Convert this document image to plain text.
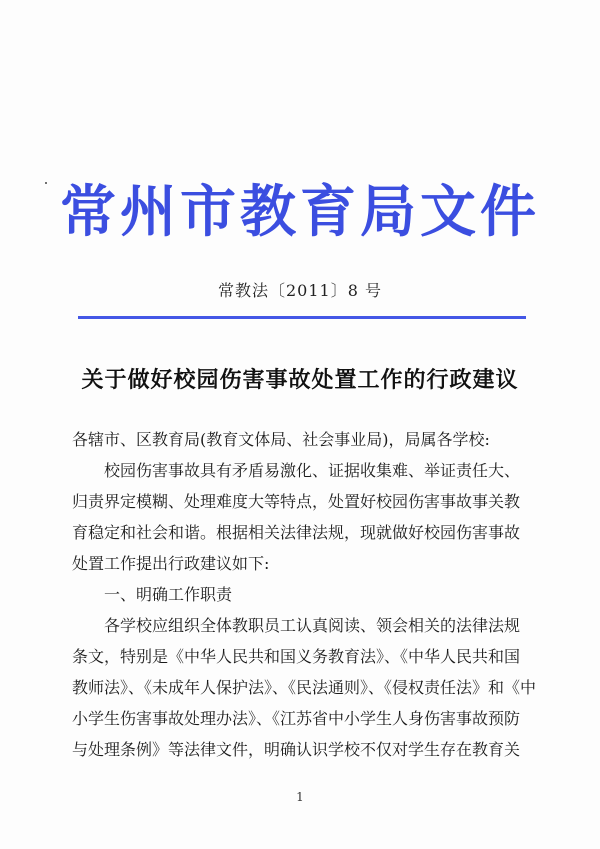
常州市教育局文件
常教法〔2011〕8 号
关于做好校园伤害事故处置工作的行政建议
各辖市、区教育局(教育文体局、社会事业局)，局属各学校:
校园伤害事故具有矛盾易激化、证据收集难、举证责任大、
归责界定模糊、处理难度大等特点，处置好校园伤害事故事关教
育稳定和社会和谐。根据相关法律法规，现就做好校园伤害事故
处置工作提出行政建议如下:
一、明确工作职责
各学校应组织全体教职员工认真阅读、领会相关的法律法规
条文，特别是《中华人民共和国义务教育法》、《中华人民共和国
教师法》、《未成年人保护法》、《民法通则》、《侵权责任法》和《中
小学生伤害事故处理办法》、《江苏省中小学生人身伤害事故预防
与处理条例》等法律文件，明确认识学校不仅对学生存在教育关
1
